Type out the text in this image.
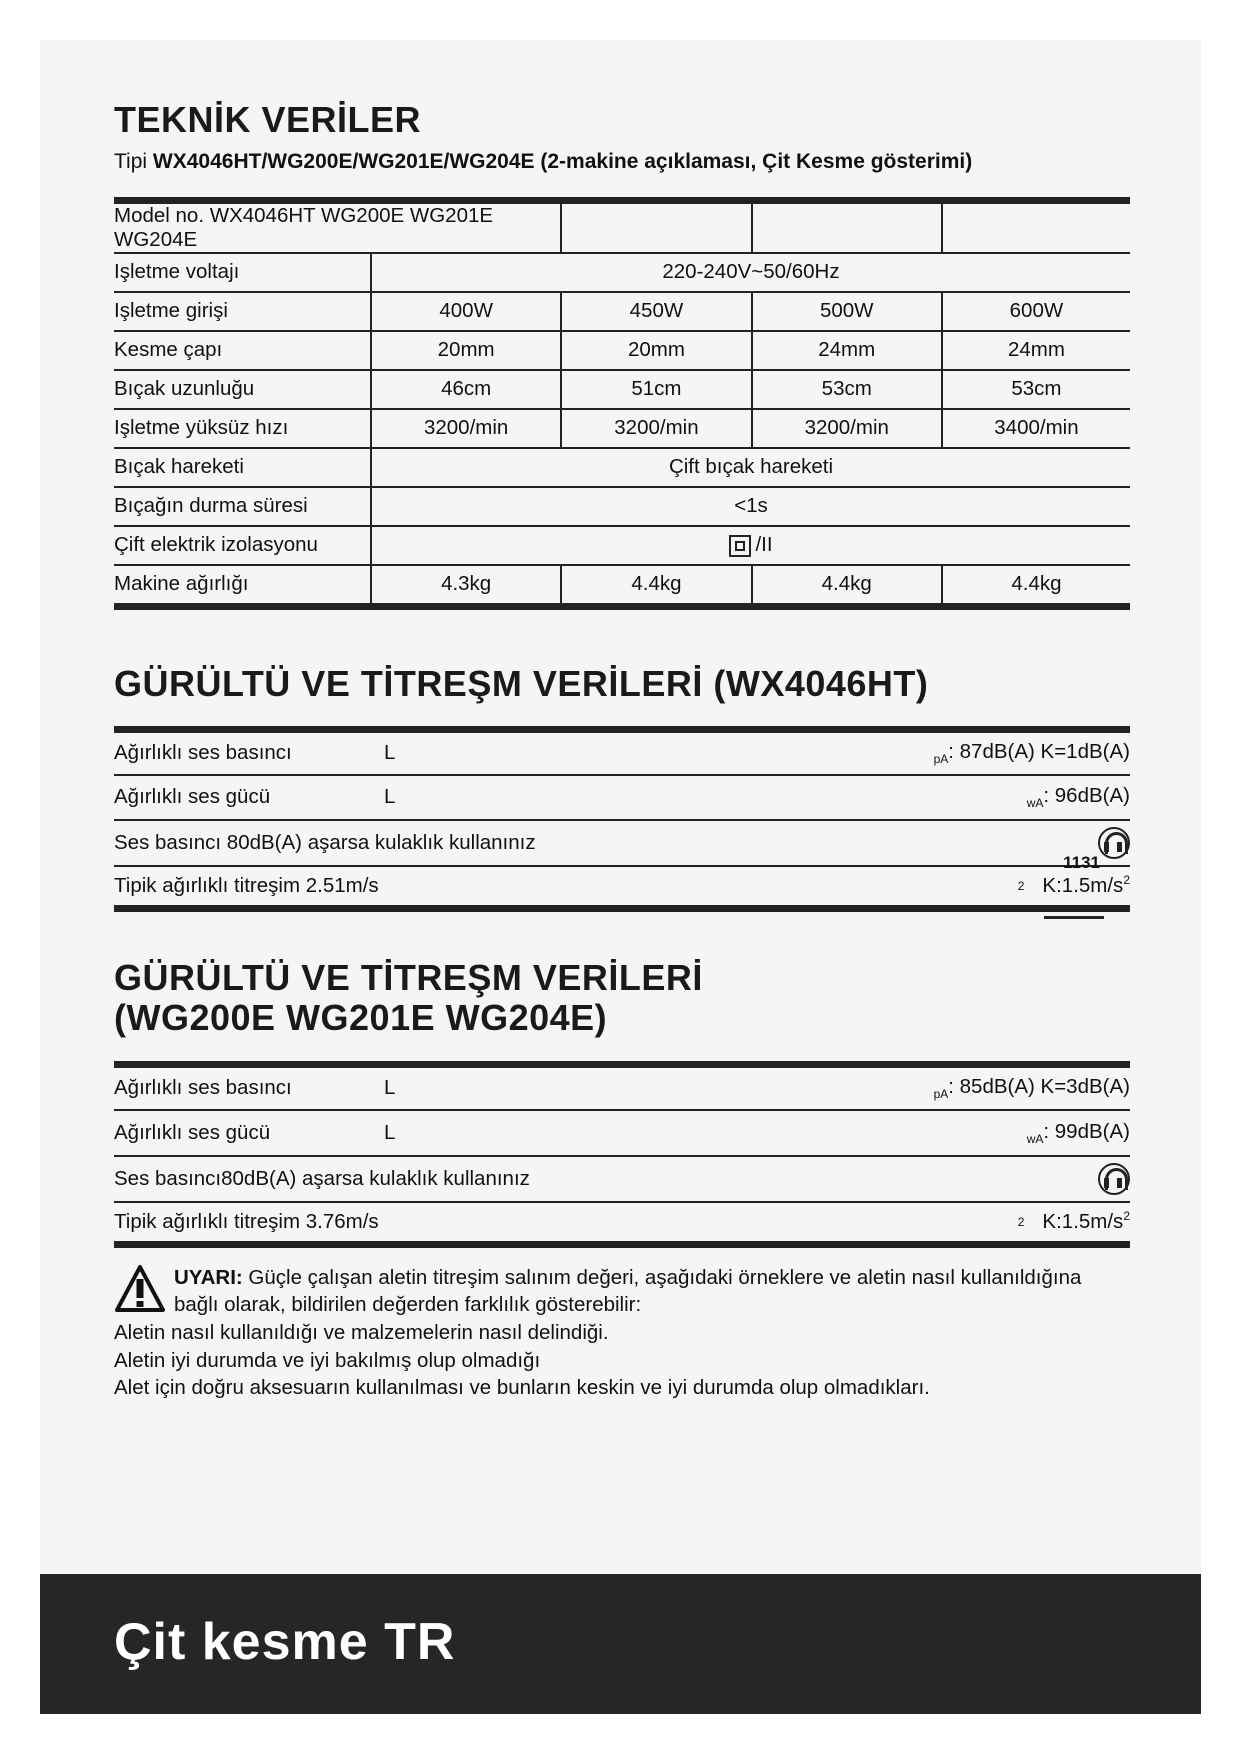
TEKNİK VERİLER
Tipi WX4046HT/WG200E/WG201E/WG204E (2-makine açıklaması, Çit Kesme gösterimi)
Model no. WX4046HT WG200E WG201E WG204E				
Işletme voltajı	220-240V~50/60Hz			
Işletme girişi	400W	450W	500W	600W
Kesme çapı	20mm	20mm	24mm	24mm
Bıçak uzunluğu	46cm	51cm	53cm	53cm
Işletme yüksüz hızı	3200/min	3200/min	3200/min	3400/min
Bıçak hareketi	Çift bıçak hareketi			
Bıçağın durma süresi	<1s			
Çift elektrik izolasyonu	/II			
Makine ağırlığı	4.3kg	4.4kg	4.4kg	4.4kg
GÜRÜLTÜ VE TİTREŞM VERİLERİ (WX4046HT)
Ağırlıklı ses basıncı	L	$_{pA}$: 87dB(A) K=1dB(A)
Ağırlıklı ses gücü	L	$_{wA}$: 96dB(A)
Ses basıncı 80dB(A) aşarsa kulaklık kullanınız
Tipik ağırlıklı titreşim 2.51m/s	2 $K:1.5m/s^2$
GÜRÜLTÜ VE TİTREŞM VERİLERİ
(WG200E WG201E WG204E)
Ağırlıklı ses basıncı	L	$_{pA}$: 85dB(A) K=3dB(A)
Ağırlıklı ses gücü	L	$_{wA}$: 99dB(A)
Ses basıncı80dB(A) aşarsa kulaklık kullanınız
Tipik ağırlıklı titreşim 3.76m/s	2 $K:1.5m/s^2$
UYARI: Güçle çalışan aletin titreşim salınım değeri, aşağıdaki örneklere ve aletin nasıl kullanıldığına bağlı olarak, bildirilen değerden farklılık gösterebilir:
Aletin nasıl kullanıldığı ve malzemelerin nasıl delindiği.
Aletin iyi durumda ve iyi bakılmış olup olmadığı
Alet için doğru aksesuarın kullanılması ve bunların keskin ve iyi durumda olup olmadıkları.
1131
Çit kesme TR
